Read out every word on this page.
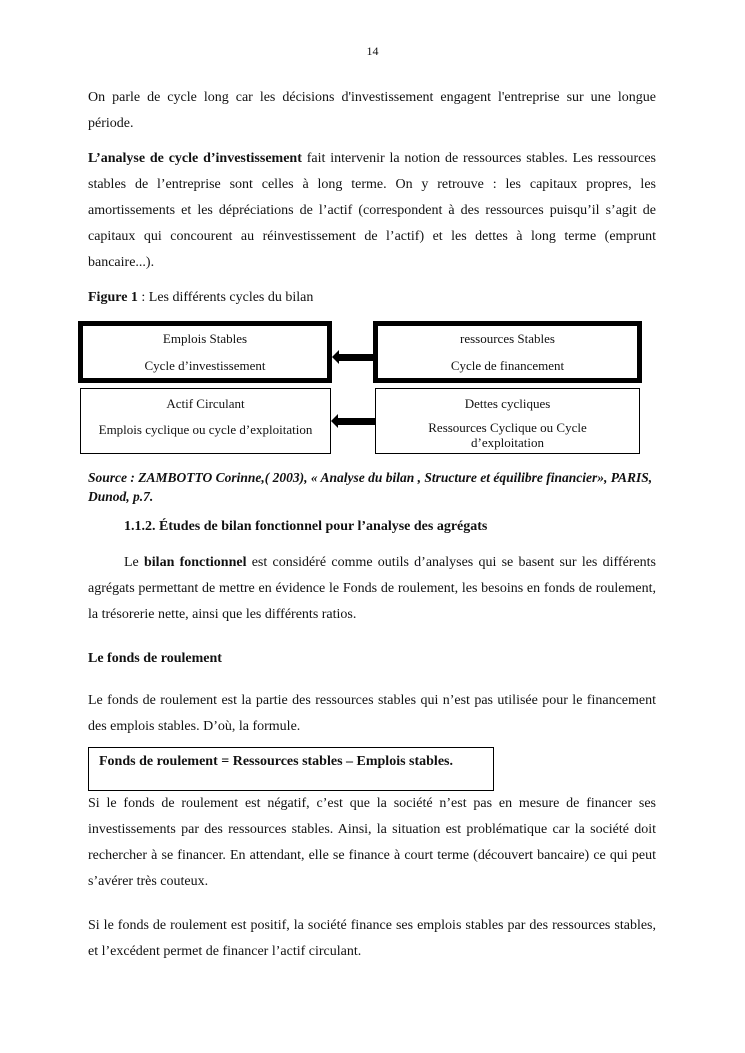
14
On parle de cycle long car les décisions d'investissement engagent l'entreprise sur une longue période.
L’analyse de cycle d’investissement fait intervenir la notion de ressources stables. Les ressources stables de l’entreprise sont celles à long terme. On y retrouve : les capitaux propres, les amortissements et les dépréciations de l’actif (correspondent à des ressources puisqu’il s’agit de capitaux qui concourent au réinvestissement de l’actif) et les dettes à long terme (emprunt bancaire...).
Figure 1 : Les différents cycles du bilan

Emplois Stables

Cycle d’investissement

ressources Stables

Cycle de financement

Actif Circulant

Emplois cyclique ou cycle d’exploitation

Dettes cycliques

Ressources Cyclique ou Cycle d’exploitation

Source : ZAMBOTTO Corinne,( 2003), « Analyse du bilan , Structure et équilibre financier», PARIS, Dunod, p.7.
1.1.2. Études de bilan fonctionnel pour l’analyse des agrégats
Le bilan fonctionnel est considéré comme outils d’analyses qui se basent sur les différents agrégats permettant de mettre en évidence le Fonds de roulement, les besoins en fonds de roulement, la trésorerie nette, ainsi que les différents ratios.
Le fonds de roulement
Le fonds de roulement est la partie des ressources stables qui n’est pas utilisée pour le financement des emplois stables. D’où, la formule.
Fonds de roulement = Ressources stables – Emplois stables.
Si le fonds de roulement est négatif, c’est que la société n’est pas en mesure de financer ses investissements par des ressources stables. Ainsi, la situation est problématique car la société doit rechercher à se financer. En attendant, elle se finance à court terme (découvert bancaire) ce qui peut s’avérer très couteux.
Si le fonds de roulement est positif, la société finance ses emplois stables par des ressources stables, et l’excédent permet de financer l’actif circulant.
